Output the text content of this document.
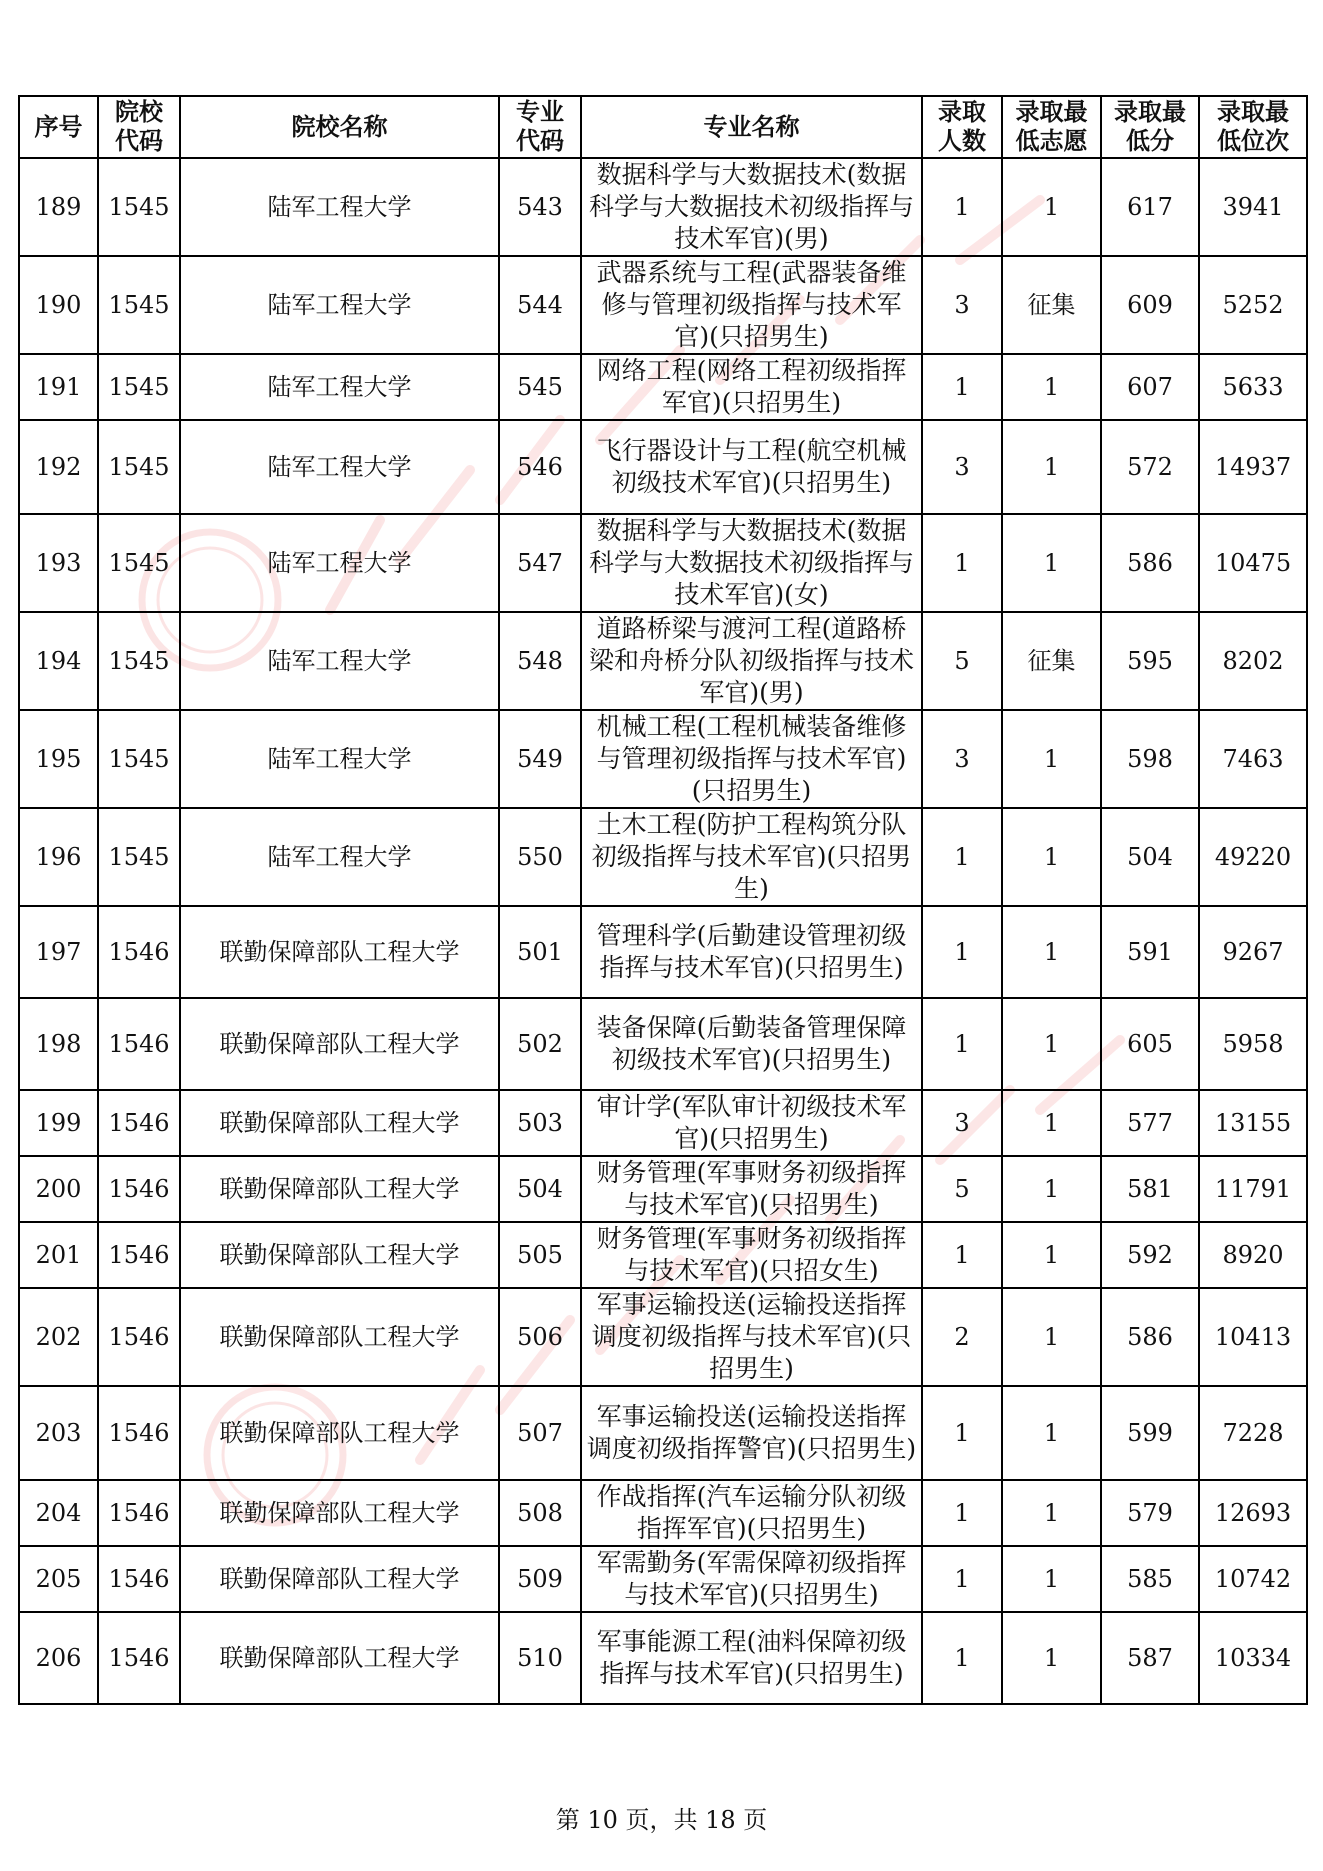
序号	院校代码	院校名称	专业代码	专业名称	录取人数	录取最低志愿	录取最低分	录取最低位次
189	1545	陆军工程大学	543	数据科学与大数据技术(数据科学与大数据技术初级指挥与技术军官)(男)	1	1	617	3941
190	1545	陆军工程大学	544	武器系统与工程(武器装备维修与管理初级指挥与技术军官)(只招男生)	3	征集	609	5252
191	1545	陆军工程大学	545	网络工程(网络工程初级指挥军官)(只招男生)	1	1	607	5633
192	1545	陆军工程大学	546	飞行器设计与工程(航空机械初级技术军官)(只招男生)	3	1	572	14937
193	1545	陆军工程大学	547	数据科学与大数据技术(数据科学与大数据技术初级指挥与技术军官)(女)	1	1	586	10475
194	1545	陆军工程大学	548	道路桥梁与渡河工程(道路桥梁和舟桥分队初级指挥与技术军官)(男)	5	征集	595	8202
195	1545	陆军工程大学	549	机械工程(工程机械装备维修与管理初级指挥与技术军官)(只招男生)	3	1	598	7463
196	1545	陆军工程大学	550	土木工程(防护工程构筑分队初级指挥与技术军官)(只招男生)	1	1	504	49220
197	1546	联勤保障部队工程大学	501	管理科学(后勤建设管理初级指挥与技术军官)(只招男生)	1	1	591	9267
198	1546	联勤保障部队工程大学	502	装备保障(后勤装备管理保障初级技术军官)(只招男生)	1	1	605	5958
199	1546	联勤保障部队工程大学	503	审计学(军队审计初级技术军官)(只招男生)	3	1	577	13155
200	1546	联勤保障部队工程大学	504	财务管理(军事财务初级指挥与技术军官)(只招男生)	5	1	581	11791
201	1546	联勤保障部队工程大学	505	财务管理(军事财务初级指挥与技术军官)(只招女生)	1	1	592	8920
202	1546	联勤保障部队工程大学	506	军事运输投送(运输投送指挥调度初级指挥与技术军官)(只招男生)	2	1	586	10413
203	1546	联勤保障部队工程大学	507	军事运输投送(运输投送指挥调度初级指挥警官)(只招男生)	1	1	599	7228
204	1546	联勤保障部队工程大学	508	作战指挥(汽车运输分队初级指挥军官)(只招男生)	1	1	579	12693
205	1546	联勤保障部队工程大学	509	军需勤务(军需保障初级指挥与技术军官)(只招男生)	1	1	585	10742
206	1546	联勤保障部队工程大学	510	军事能源工程(油料保障初级指挥与技术军官)(只招男生)	1	1	587	10334
第 10 页，共 18 页
